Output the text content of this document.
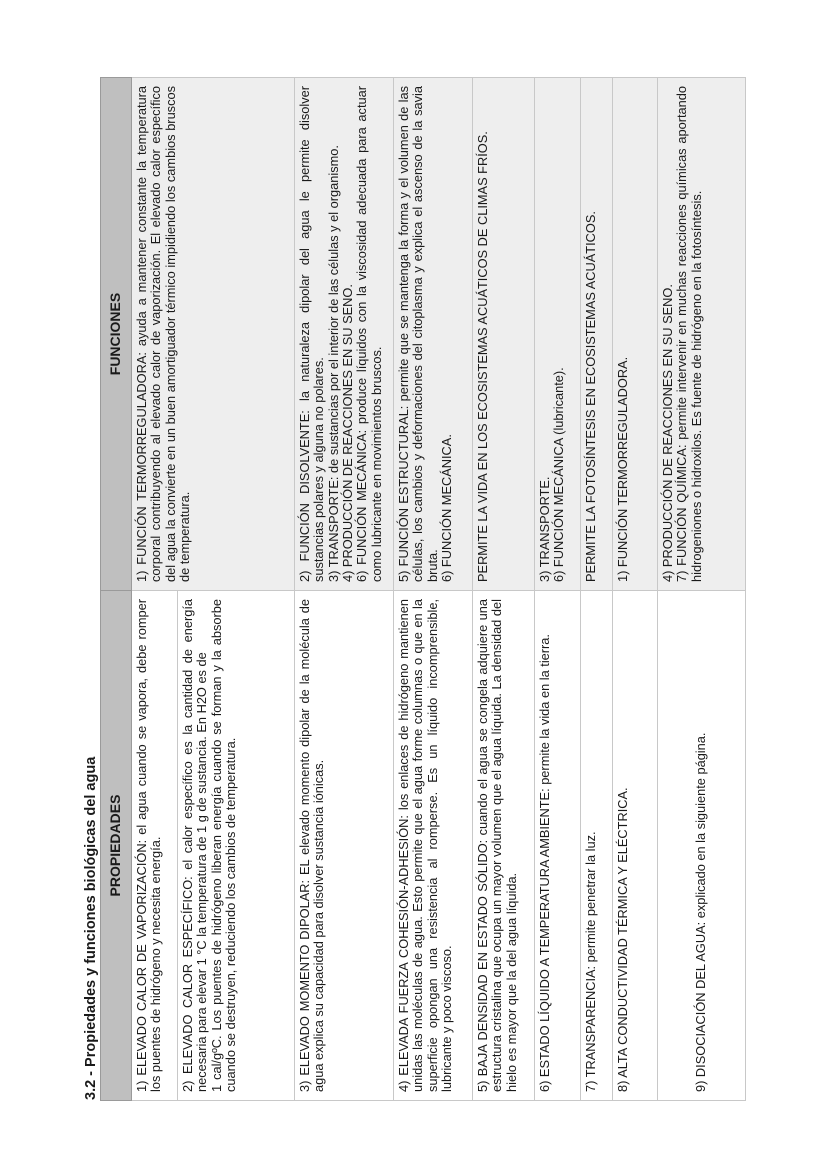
3.2 - Propiedades y funciones biológicas del agua PROPIEDADES	FUNCIONES
1) ELEVADO CALOR DE VAPORIZACIÓN: el agua cuando se vapora, debe romper los puentes de hidrógeno y necesita energía.	1) FUNCIÓN TERMORREGULADORA: ayuda a mantener constante la temperatura corporal contribuyendo al elevado calor de vaporización. El elevado calor específico del agua la convierte en un buen amortiguador térmico impidiendo los cambios bruscos de temperatura.
2) ELEVADO CALOR ESPECÍFICO: el calor específico es la cantidad de energía necesaria para elevar 1 °C la temperatura de 1 g de sustancia. En H2O es de
1 cal/gºC. Los puentes de hidrógeno liberan energía cuando se forman y la absorbe cuando se destruyen, reduciendo los cambios de temperatura.	
3) ELEVADO MOMENTO DIPOLAR: EL elevado momento dipolar de la molécula de agua explica su capacidad para disolver sustancia iónicas.	2) FUNCIÓN DISOLVENTE: la naturaleza dipolar del agua le permite disolver sustancias polares y alguna no polares.
3) TRANSPORTE: de sustancias por el interior de las células y el organismo.
4) PRODUCCIÓN DE REACCIONES EN SU SENO.
6) FUNCIÓN MECÁNICA: produce líquidos con la viscosidad adecuada para actuar como lubricante en movimientos bruscos.
4) ELEVADA FUERZA COHESIÓN-ADHESIÓN: los enlaces de hidrógeno mantienen unidas las moléculas de agua. Esto permite que el agua forme columnas o que en la superficie opongan una resistencia al romperse. Es un líquido incomprensible, lubricante y poco viscoso.	5) FUNCIÓN ESTRUCTURAL: permite que se mantenga la forma y el volumen de las células, los cambios y deformaciones del citoplasma y explica el ascenso de la savia bruta.
6) FUNCIÓN MECÁNICA.
5) BAJA DENSIDAD EN ESTADO SÓLIDO: cuando el agua se congela adquiere una estructura cristalina que ocupa un mayor volumen que el agua líquida. La densidad del hielo es mayor que la del agua líquida.	PERMITE LA VIDA EN LOS ECOSISTEMAS ACUÁTICOS DE CLIMAS FRÍOS.
6) ESTADO LÍQUIDO A TEMPERATURA AMBIENTE: permite la vida en la tierra.	3) TRANSPORTE.
6) FUNCIÓN MECÁNICA (lubricante).
7) TRANSPARENCIA: permite penetrar la luz.	PERMITE LA FOTOSÍNTESIS EN ECOSISTEMAS ACUÁTICOS.
8) ALTA CONDUCTIVIDAD TÉRMICA Y ELÉCTRICA.	1) FUNCIÓN TERMORREGULADORA.
9) DISOCIACIÓN DEL AGUA: explicado en la siguiente página.	4) PRODUCCIÓN DE REACCIONES EN SU SENO.
7) FUNCIÓN QUÍMICA: permite intervenir en muchas reacciones químicas aportando hidrogeniones o hidroxilos. Es fuente de hidrógeno en la fotosíntesis.
